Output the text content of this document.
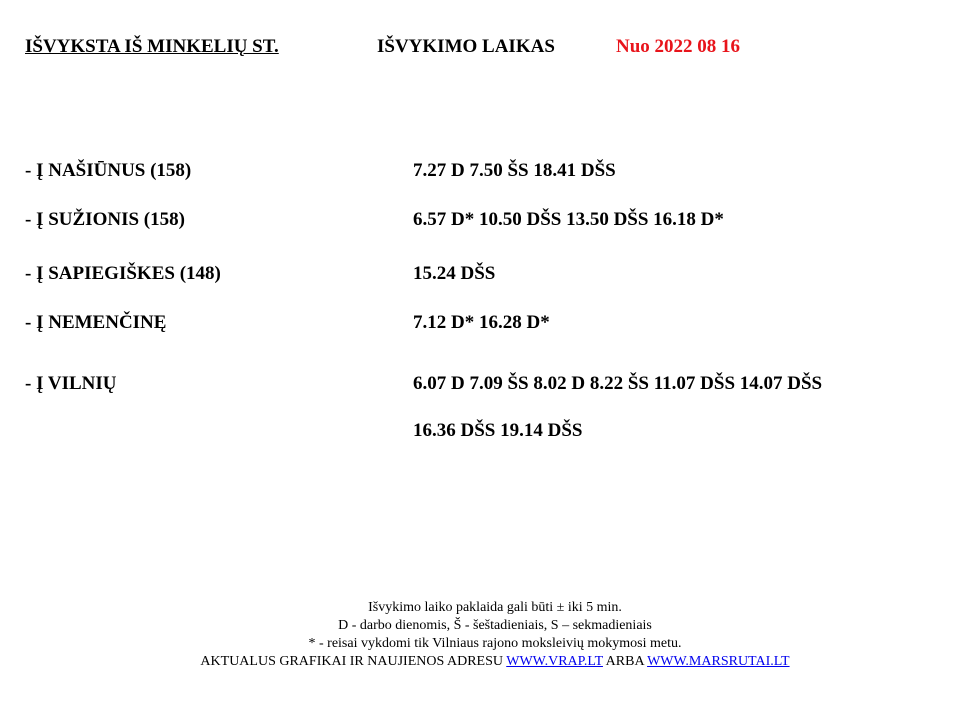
IŠVYKSTA IŠ MINKELIŲ ST.	IŠVYKIMO LAIKAS	Nuo 2022 08 16
- Į NAŠIŪNUS (158)	7.27 D 7.50 ŠS 18.41 DŠS
- Į SUŽIONIS (158)	6.57 D* 10.50 DŠS 13.50 DŠS 16.18 D*
- Į SAPIEGIŠKES (148)	15.24 DŠS
- Į NEMENČINĘ	7.12 D* 16.28 D*
- Į VILNIŲ	6.07 D 7.09 ŠS 8.02 D 8.22 ŠS 11.07 DŠS 14.07 DŠS
16.36 DŠS 19.14 DŠS
Išvykimo laiko paklaida gali būti ± iki 5 min.
D - darbo dienomis, Š - šeštadieniais, S – sekmadieniais
* - reisai vykdomi tik Vilniaus rajono moksleivių mokymosi metu.
AKTUALUS GRAFIKAI IR NAUJIENOS ADRESU WWW.VRAP.LT ARBA WWW.MARSRUTAI.LT
